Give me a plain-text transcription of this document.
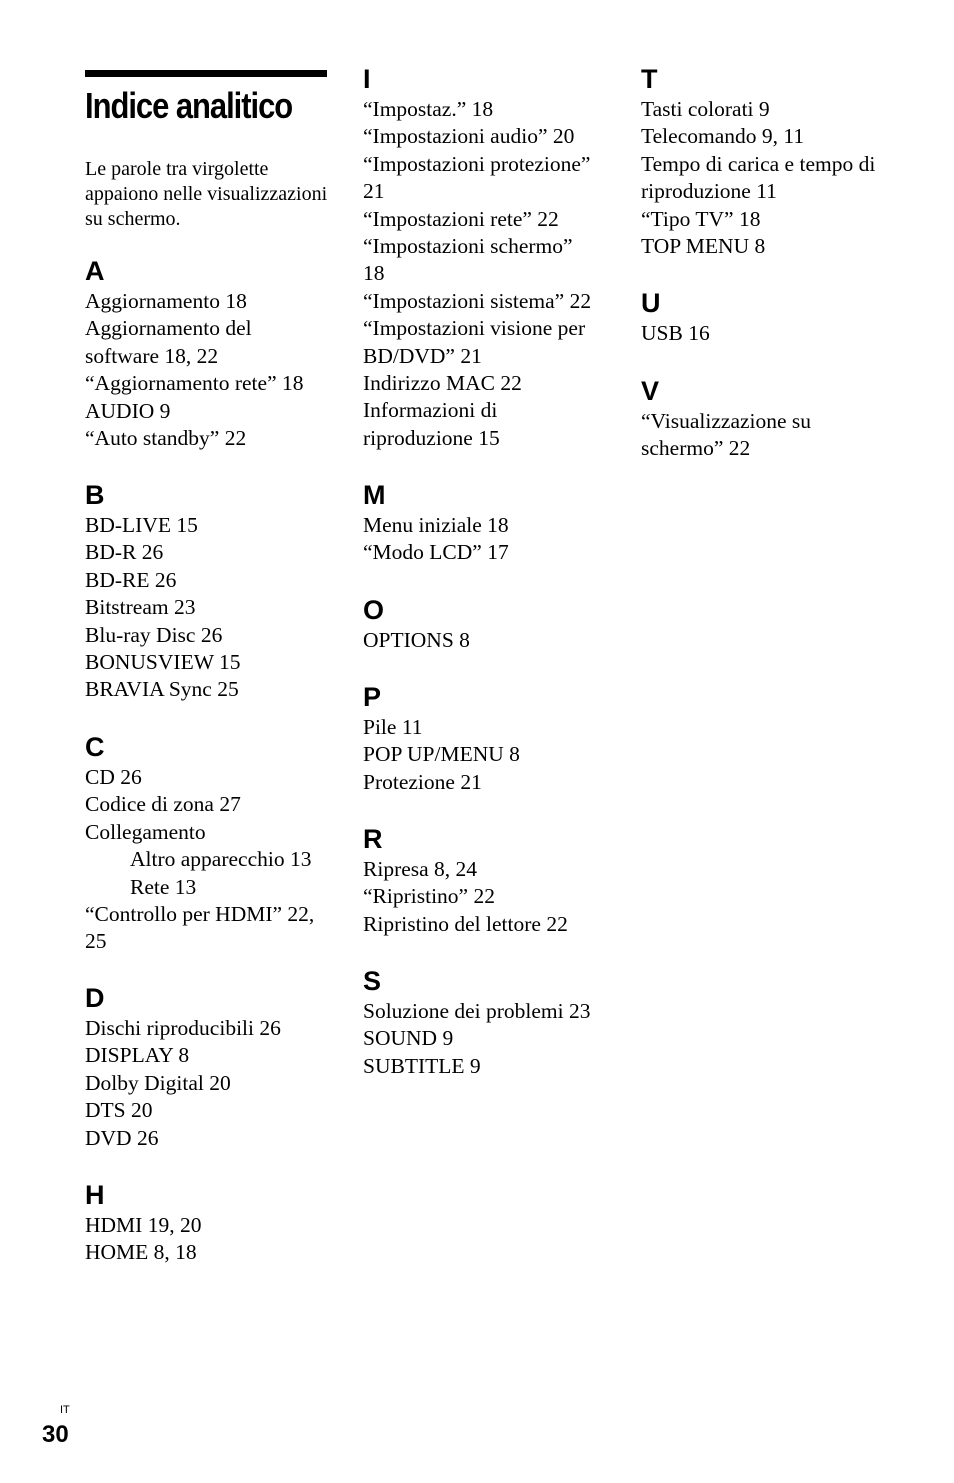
Indice analitico
Le parole tra virgolette appaiono nelle visualizzazioni su schermo.
A
Aggiornamento 18
Aggiornamento del
software 18, 22
“Aggiornamento rete” 18
AUDIO 9
“Auto standby” 22
B
BD-LIVE 15
BD-R 26
BD-RE 26
Bitstream 23
Blu-ray Disc 26
BONUSVIEW 15
BRAVIA Sync 25
C
CD 26
Codice di zona 27
Collegamento
Altro apparecchio 13
Rete 13
“Controllo per HDMI” 22,
25
D
Dischi riproducibili 26
DISPLAY 8
Dolby Digital 20
DTS 20
DVD 26
H
HDMI 19, 20
HOME 8, 18
I
“Impostaz.” 18
“Impostazioni audio” 20
“Impostazioni protezione”
21
“Impostazioni rete” 22
“Impostazioni schermo”
18
“Impostazioni sistema” 22
“Impostazioni visione per
BD/DVD” 21
Indirizzo MAC 22
Informazioni di
riproduzione 15
M
Menu iniziale 18
“Modo LCD” 17
O
OPTIONS 8
P
Pile 11
POP UP/MENU 8
Protezione 21
R
Ripresa 8, 24
“Ripristino” 22
Ripristino del lettore 22
S
Soluzione dei problemi 23
SOUND 9
SUBTITLE 9
T
Tasti colorati 9
Telecomando 9, 11
Tempo di carica e tempo di
riproduzione 11
“Tipo TV” 18
TOP MENU 8
U
USB 16
V
“Visualizzazione su
schermo” 22
IT
30
